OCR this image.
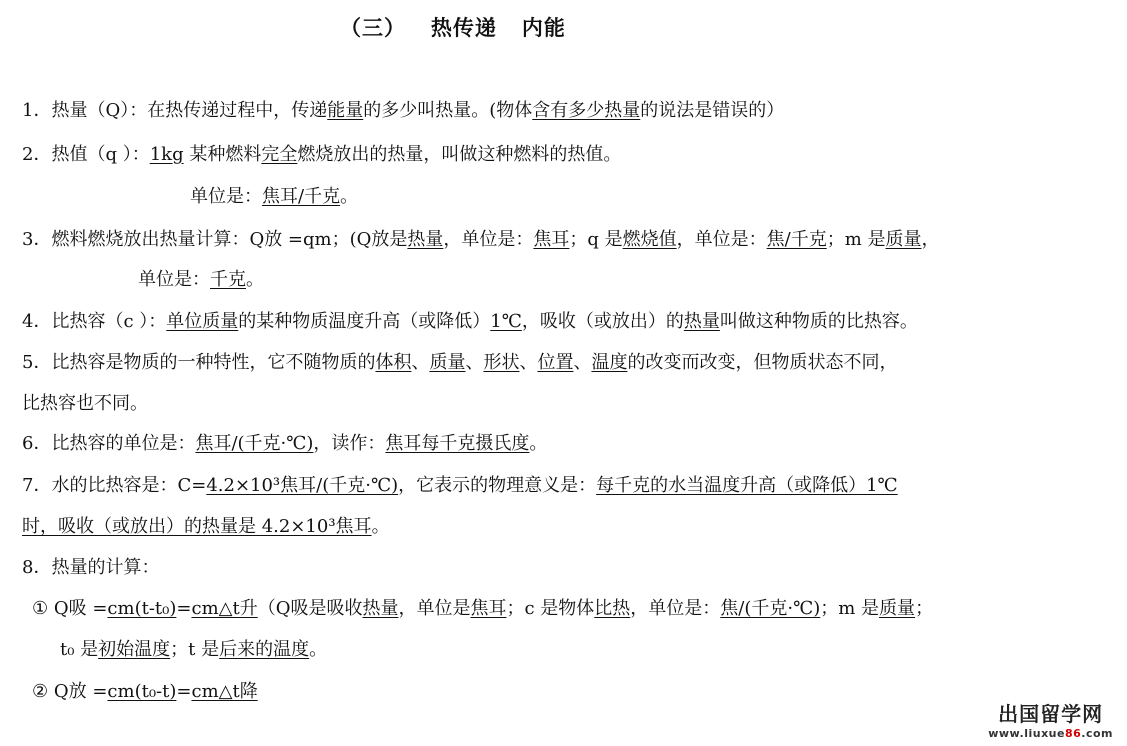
（三）   热传递   内能
1．热量（Q）：在热传递过程中，传递能量的多少叫热量。(物体含有多少热量的说法是错误的）
2．热值（q ）：1kg 某种燃料完全燃烧放出的热量，叫做这种燃料的热值。
单位是：焦耳/千克。
3．燃料燃烧放出热量计算：Q放 =qm；(Q放是热量，单位是：焦耳；q 是燃烧值，单位是：焦/千克；m 是质量，
单位是：千克。
4．比热容（c ）：单位质量的某种物质温度升高（或降低）1℃，吸收（或放出）的热量叫做这种物质的比热容。
5．比热容是物质的一种特性，它不随物质的体积、质量、形状、位置、温度的改变而改变，但物质状态不同，
比热容也不同。
6．比热容的单位是：焦耳/(千克·℃)，读作：焦耳每千克摄氏度。
7．水的比热容是：C=4.2×10³焦耳/(千克·℃)，它表示的物理意义是：每千克的水当温度升高（或降低）1℃
时，吸收（或放出）的热量是 4.2×10³焦耳。
8．热量的计算：
① Q吸 =cm(t-t₀)=cm△t升（Q吸是吸收热量，单位是焦耳；c 是物体比热，单位是：焦/(千克·℃)；m 是质量；
t₀ 是初始温度；t 是后来的温度。
② Q放 =cm(t₀-t)=cm△t降
出国留学网
www.liuxue86.com
